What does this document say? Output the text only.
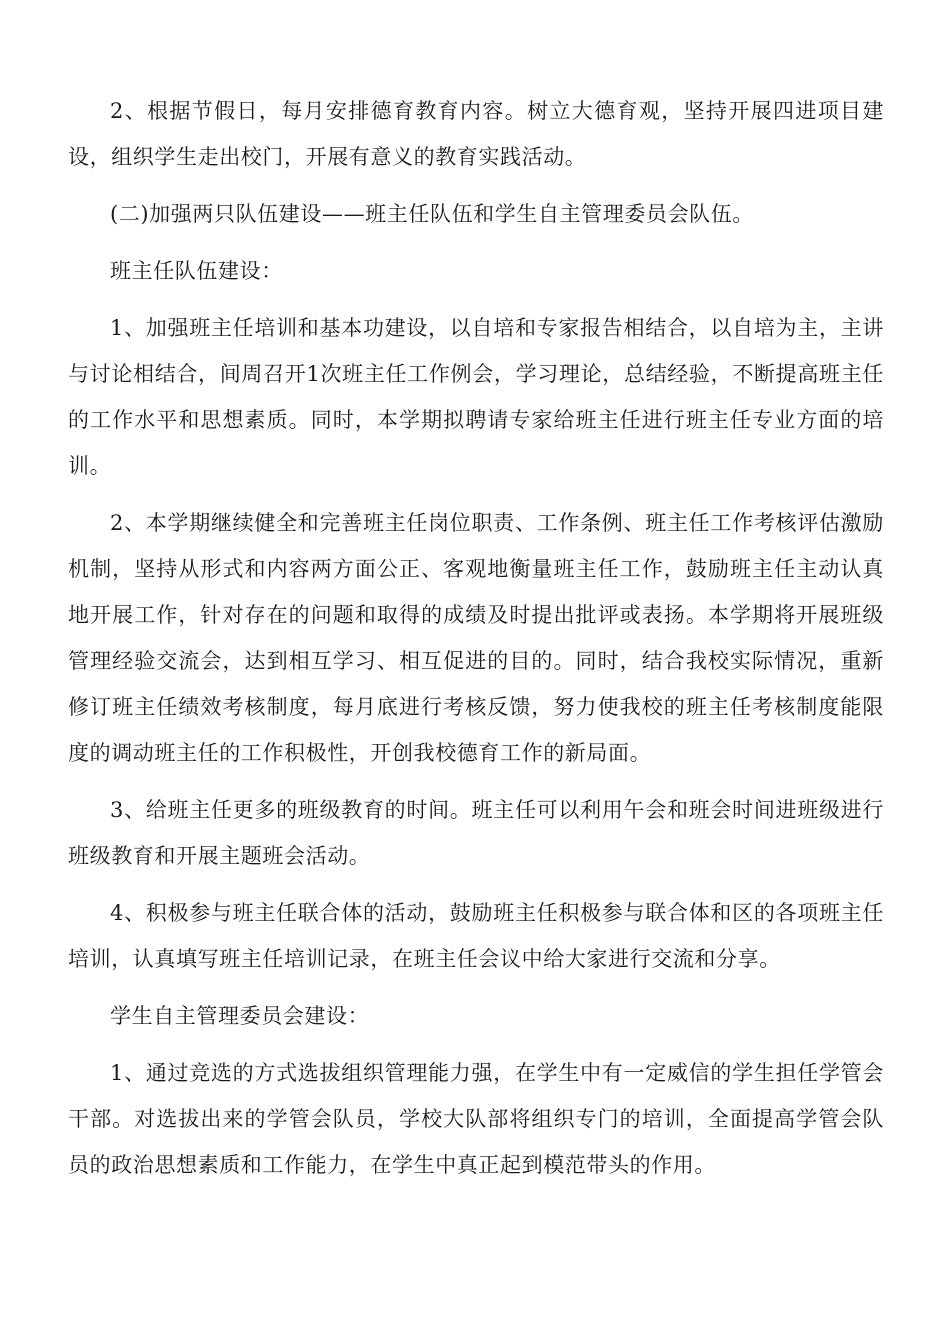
2、根据节假日，每月安排德育教育内容。树立大德育观，坚持开展四进项目建设，组织学生走出校门，开展有意义的教育实践活动。

(二)加强两只队伍建设——班主任队伍和学生自主管理委员会队伍。

班主任队伍建设：

1、加强班主任培训和基本功建设，以自培和专家报告相结合，以自培为主，主讲与讨论相结合，间周召开1次班主任工作例会，学习理论，总结经验，不断提高班主任的工作水平和思想素质。同时，本学期拟聘请专家给班主任进行班主任专业方面的培训。

2、本学期继续健全和完善班主任岗位职责、工作条例、班主任工作考核评估激励机制，坚持从形式和内容两方面公正、客观地衡量班主任工作，鼓励班主任主动认真地开展工作，针对存在的问题和取得的成绩及时提出批评或表扬。本学期将开展班级管理经验交流会，达到相互学习、相互促进的目的。同时，结合我校实际情况，重新修订班主任绩效考核制度，每月底进行考核反馈，努力使我校的班主任考核制度能限度的调动班主任的工作积极性，开创我校德育工作的新局面。

3、给班主任更多的班级教育的时间。班主任可以利用午会和班会时间进班级进行班级教育和开展主题班会活动。

4、积极参与班主任联合体的活动，鼓励班主任积极参与联合体和区的各项班主任培训，认真填写班主任培训记录，在班主任会议中给大家进行交流和分享。

学生自主管理委员会建设：

1、通过竞选的方式选拔组织管理能力强，在学生中有一定威信的学生担任学管会干部。对选拔出来的学管会队员，学校大队部将组织专门的培训，全面提高学管会队员的政治思想素质和工作能力，在学生中真正起到模范带头的作用。
